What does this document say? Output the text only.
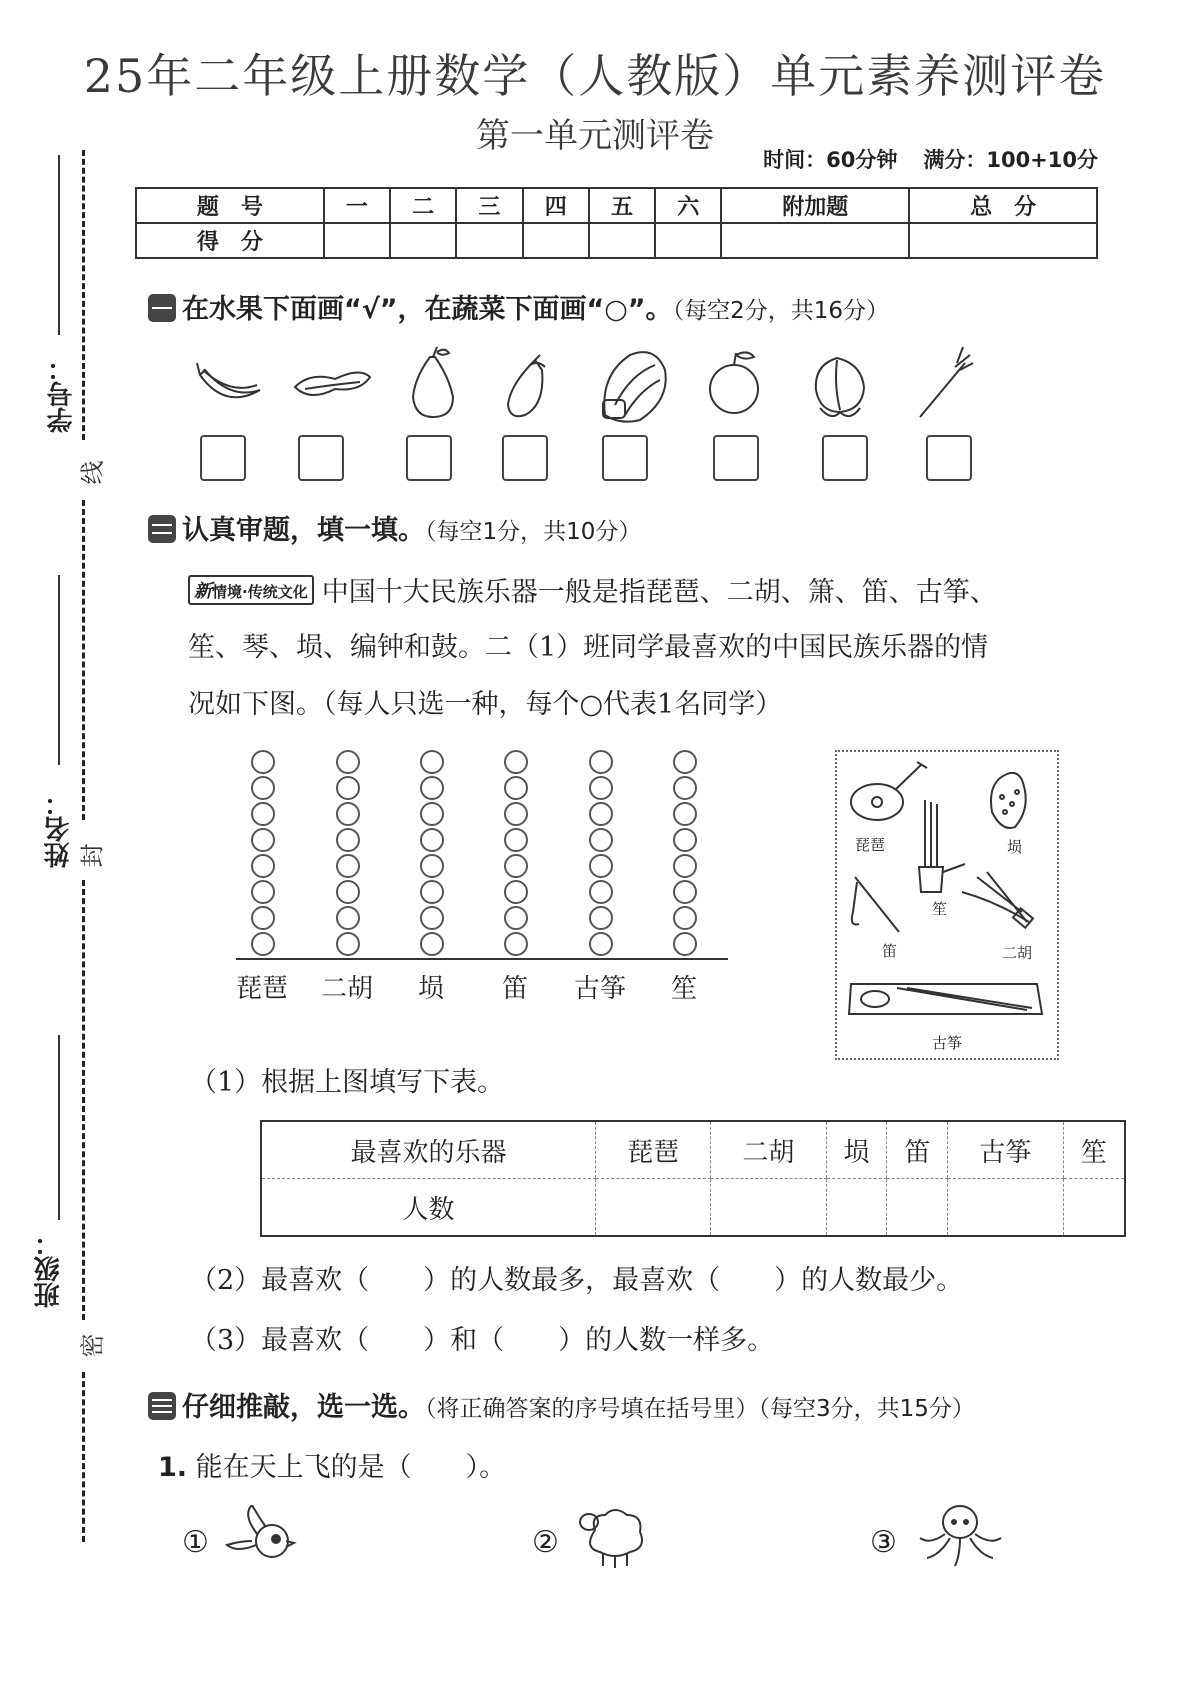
25年二年级上册数学（人教版）单元素养测评卷
第一单元测评卷
时间：60分钟 满分：100+10分
学号：
姓名：
班级：
线
封
密
题　号	一	二	三	四	五	六	附加题	总　分
得　分								
在水果下面画“√”，在蔬菜下面画“○”。（每空2分，共16分）
认真审题，填一填。（每空1分，共10分）
新情境·传统文化 中国十大民族乐器一般是指琵琶、二胡、箫、笛、古筝、
笙、琴、埙、编钟和鼓。二（1）班同学最喜欢的中国民族乐器的情
况如下图。（每人只选一种，每个○代表1名同学）
琵琶	二胡	埙	笛	古筝	笙
琵琶	埙
笙
笛	二胡
古筝
（1）根据上图填写下表。
最喜欢的乐器	琵琶	二胡	埙	笛	古筝	笙
人数						
（2）最喜欢（　　）的人数最多，最喜欢（　　）的人数最少。
（3）最喜欢（　　）和（　　）的人数一样多。
仔细推敲，选一选。（将正确答案的序号填在括号里）（每空3分，共15分）
1. 能在天上飞的是（　　）。
①	②	③
